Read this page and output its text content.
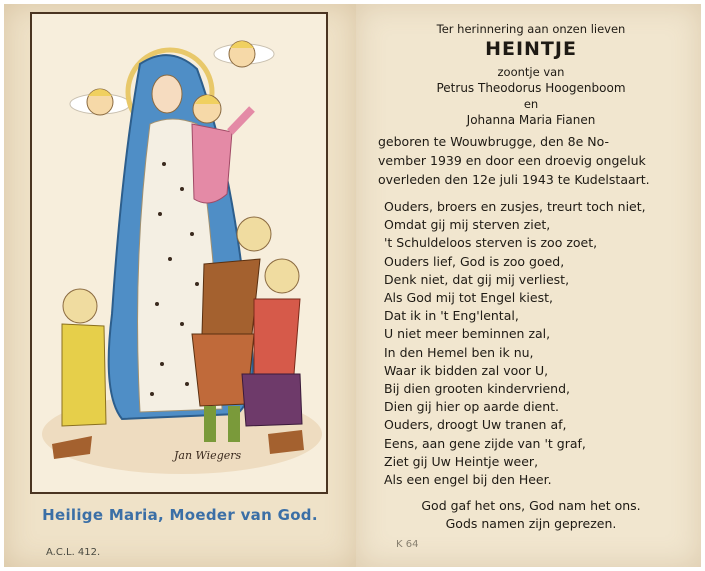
Jan Wiegers
Heilige Maria, Moeder van God.
A.C.L. 412.
Ter herinnering aan onzen lieven
HEINTJE
zoontje van
Petrus Theodorus Hoogenboom
en
Johanna Maria Fianen
geboren te Wouwbrugge, den 8e No-
vember 1939 en door een droevig ongeluk
overleden den 12e juli 1943 te Kudelstaart.
Ouders, broers en zusjes, treurt toch niet,
Omdat gij mij sterven ziet,
't Schuldeloos sterven is zoo zoet,
Ouders lief, God is zoo goed,
Denk niet, dat gij mij verliest,
Als God mij tot Engel kiest,
Dat ik in 't Eng'lental,
U niet meer beminnen zal,
In den Hemel ben ik nu,
Waar ik bidden zal voor U,
Bij dien grooten kindervriend,
Dien gij hier op aarde dient.
Ouders, droogt Uw tranen af,
Eens, aan gene zijde van 't graf,
Ziet gij Uw Heintje weer,
Als een engel bij den Heer.
God gaf het ons, God nam het ons.
Gods namen zijn geprezen.
K 64
